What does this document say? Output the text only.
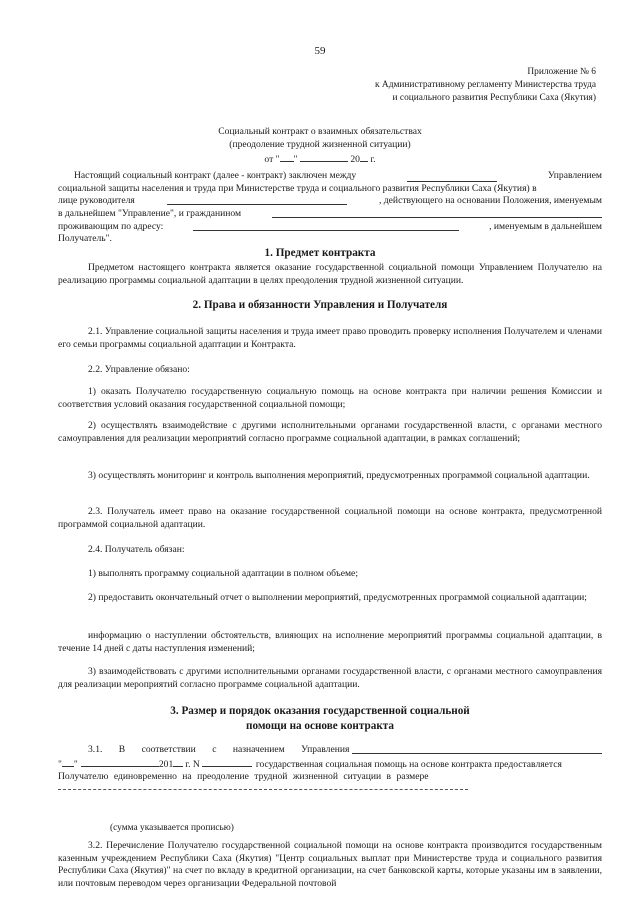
59
Приложение № 6
к Административному регламенту Министерства труда
и социального развития Республики Саха (Якутия)
Социальный контракт о взаимных обязательствах
(преодоление трудной жизненной ситуации)
от " "	20 г.
Настоящий социальный контракт (далее - контракт) заключен между	Управлением
социальной защиты населения и труда при Министерстве труда и социального развития Республики Саха (Якутия) в
лице руководителя	, действующего на основании Положения, именуемым
в дальнейшем "Управление", и гражданином
проживающим по адресу:	, именуемым в дальнейшем
Получатель".
1. Предмет контракта
Предметом настоящего контракта является оказание государственной социальной помощи Управлением Получателю на реализацию программы социальной адаптации в целях преодоления трудной жизненной ситуации.
2. Права и обязанности Управления и Получателя
2.1. Управление социальной защиты населения и труда имеет право проводить проверку исполнения Получателем и членами его семьи программы социальной адаптации и Контракта.
2.2. Управление обязано:
1) оказать Получателю государственную социальную помощь на основе контракта при наличии решения Комиссии и соответствия условий оказания государственной социальной помощи;
2) осуществлять взаимодействие с другими исполнительными органами государственной власти, с органами местного самоуправления для реализации мероприятий согласно программе социальной адаптации, в рамках соглашений;
3) осуществлять мониторинг и контроль выполнения мероприятий, предусмотренных программой социальной адаптации.
2.3. Получатель имеет право на оказание государственной социальной помощи на основе контракта, предусмотренной программой социальной адаптации.
2.4. Получатель обязан:
1) выполнять программу социальной адаптации в полном объеме;
2) предоставить окончательный отчет о выполнении мероприятий, предусмотренных программой социальной адаптации;
информацию о наступлении обстоятельств, влияющих на исполнение мероприятий программы социальной адаптации, в течение 14 дней с даты наступления изменений;
3) взаимодействовать с другими исполнительными органами государственной власти, с органами местного самоуправления для реализации мероприятий согласно программе социальной адаптации.
3. Размер и порядок оказания государственной социальной
помощи на основе контракта
3.1. В соответствии с назначением Управления
" "	201 г. N	государственная социальная помощь на основе контракта предоставляется
Получателю единовременно на преодоление трудной жизненной ситуации в размере
(сумма указывается прописью)
3.2. Перечисление Получателю государственной социальной помощи на основе контракта производится государственным казенным учреждением Республики Саха (Якутия) "Центр социальных выплат при Министерстве труда и социального развития Республики Саха (Якутия)" на счет по вкладу в кредитной организации, на счет банковской карты, которые указаны им в заявлении, или почтовым переводом через организации Федеральной почтовой
